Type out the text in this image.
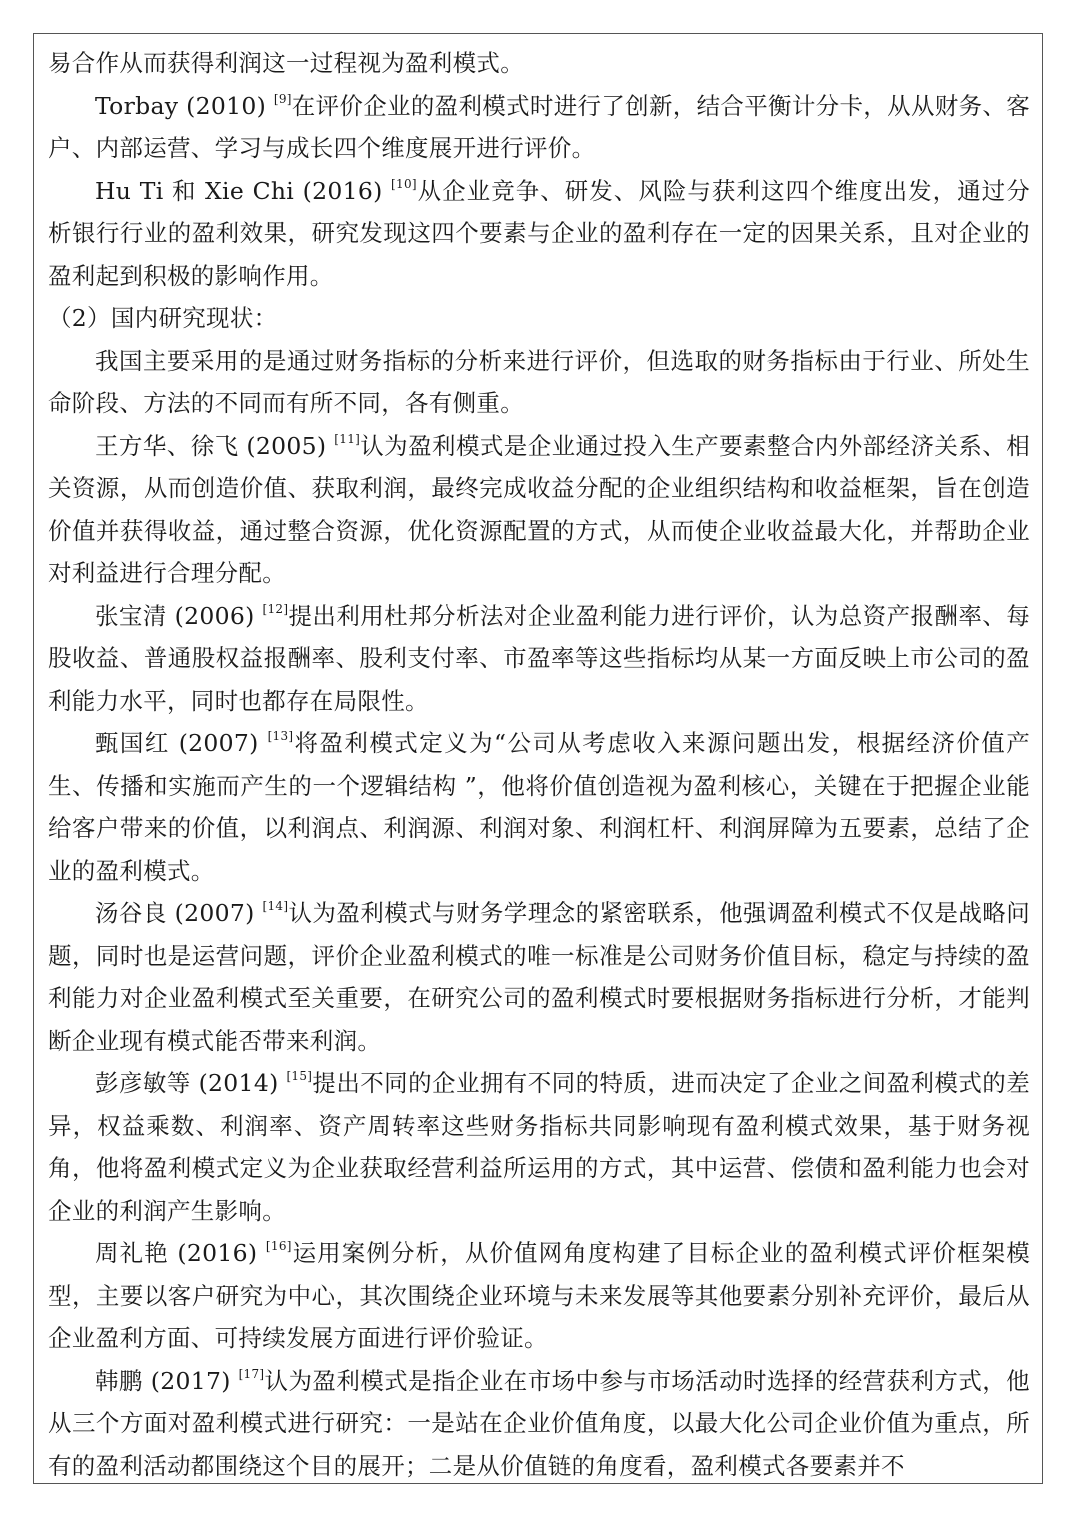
易合作从而获得利润这一过程视为盈利模式。

Torbay (2010) [9]在评价企业的盈利模式时进行了创新，结合平衡计分卡，从从财务、客户、内部运营、学习与成长四个维度展开进行评价。

Hu Ti 和 Xie Chi (2016) [10]从企业竞争、研发、风险与获利这四个维度出发，通过分析银行行业的盈利效果，研究发现这四个要素与企业的盈利存在一定的因果关系，且对企业的盈利起到积极的影响作用。

（2）国内研究现状：

我国主要采用的是通过财务指标的分析来进行评价，但选取的财务指标由于行业、所处生命阶段、方法的不同而有所不同，各有侧重。

王方华、徐飞 (2005) [11]认为盈利模式是企业通过投入生产要素整合内外部经济关系、相关资源，从而创造价值、获取利润，最终完成收益分配的企业组织结构和收益框架，旨在创造价值并获得收益，通过整合资源，优化资源配置的方式，从而使企业收益最大化，并帮助企业对利益进行合理分配。

张宝清 (2006) [12]提出利用杜邦分析法对企业盈利能力进行评价，认为总资产报酬率、每股收益、普通股权益报酬率、股利支付率、市盈率等这些指标均从某一方面反映上市公司的盈利能力水平，同时也都存在局限性。

甄国红 (2007) [13]将盈利模式定义为“公司从考虑收入来源问题出发，根据经济价值产生、传播和实施而产生的一个逻辑结构 ”，他将价值创造视为盈利核心，关键在于把握企业能给客户带来的价值，以利润点、利润源、利润对象、利润杠杆、利润屏障为五要素，总结了企业的盈利模式。

汤谷良 (2007) [14]认为盈利模式与财务学理念的紧密联系，他强调盈利模式不仅是战略问题，同时也是运营问题，评价企业盈利模式的唯一标准是公司财务价值目标，稳定与持续的盈利能力对企业盈利模式至关重要，在研究公司的盈利模式时要根据财务指标进行分析，才能判断企业现有模式能否带来利润。

彭彦敏等 (2014) [15]提出不同的企业拥有不同的特质，进而决定了企业之间盈利模式的差异，权益乘数、利润率、资产周转率这些财务指标共同影响现有盈利模式效果，基于财务视角，他将盈利模式定义为企业获取经营利益所运用的方式，其中运营、偿债和盈利能力也会对企业的利润产生影响。

周礼艳 (2016) [16]运用案例分析，从价值网角度构建了目标企业的盈利模式评价框架模型，主要以客户研究为中心，其次围绕企业环境与未来发展等其他要素分别补充评价，最后从企业盈利方面、可持续发展方面进行评价验证。

韩鹏 (2017) [17]认为盈利模式是指企业在市场中参与市场活动时选择的经营获利方式，他从三个方面对盈利模式进行研究：一是站在企业价值角度，以最大化公司企业价值为重点，所有的盈利活动都围绕这个目的展开；二是从价值链的角度看，盈利模式各要素并不
